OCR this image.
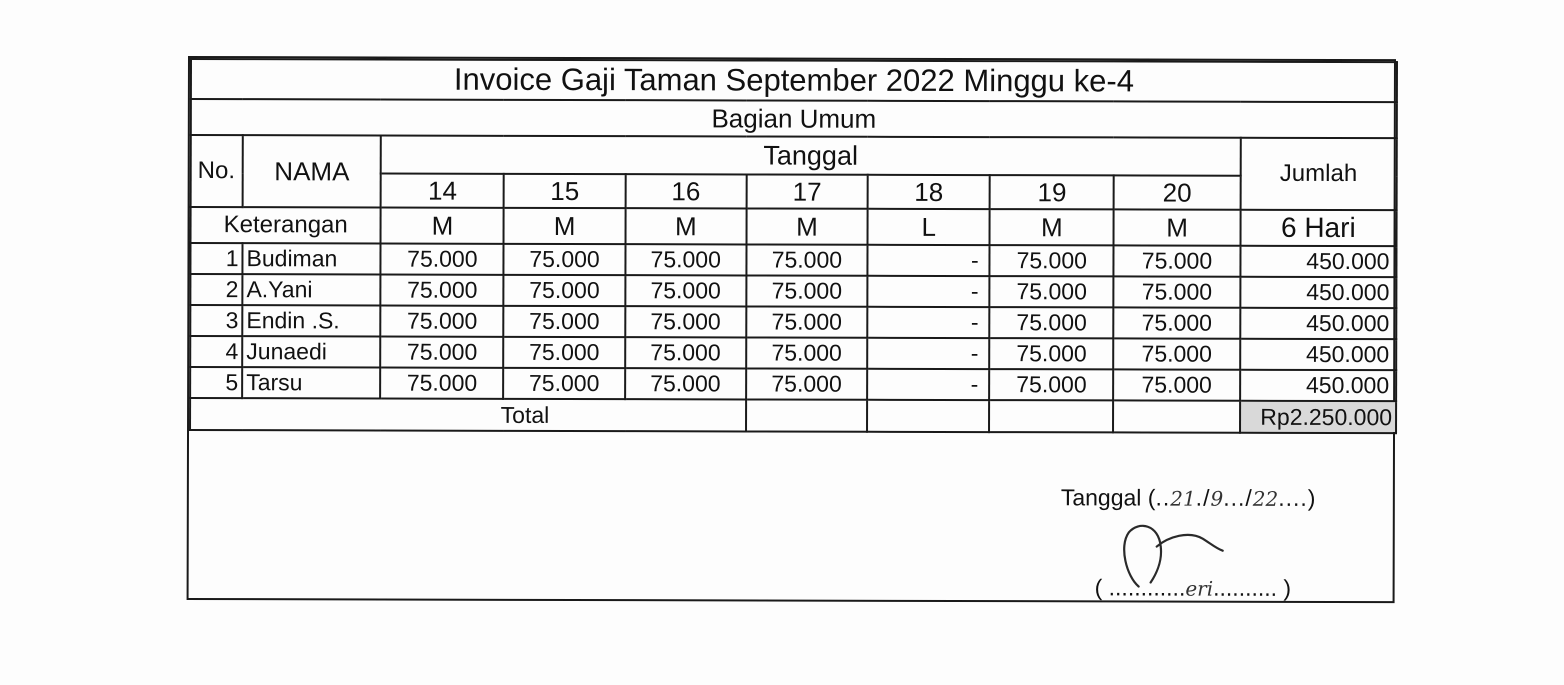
Invoice Gaji Taman September 2022 Minggu ke-4									
Bagian Umum									
No.	NAMA	Tanggal							Jumlah
		14	15	16	17	18	19	20	
Keterangan		M	M	M	M	L	M	M	6 Hari
1	Budiman	75.000	75.000	75.000	75.000	-	75.000	75.000	450.000
2	A.Yani	75.000	75.000	75.000	75.000	-	75.000	75.000	450.000
3	Endin .S.	75.000	75.000	75.000	75.000	-	75.000	75.000	450.000
4	Junaedi	75.000	75.000	75.000	75.000	-	75.000	75.000	450.000
5	Tarsu	75.000	75.000	75.000	75.000	-	75.000	75.000	450.000
Total									Rp2.250.000
Tanggal (..21./9.../22....)
( ............eri.......... )
